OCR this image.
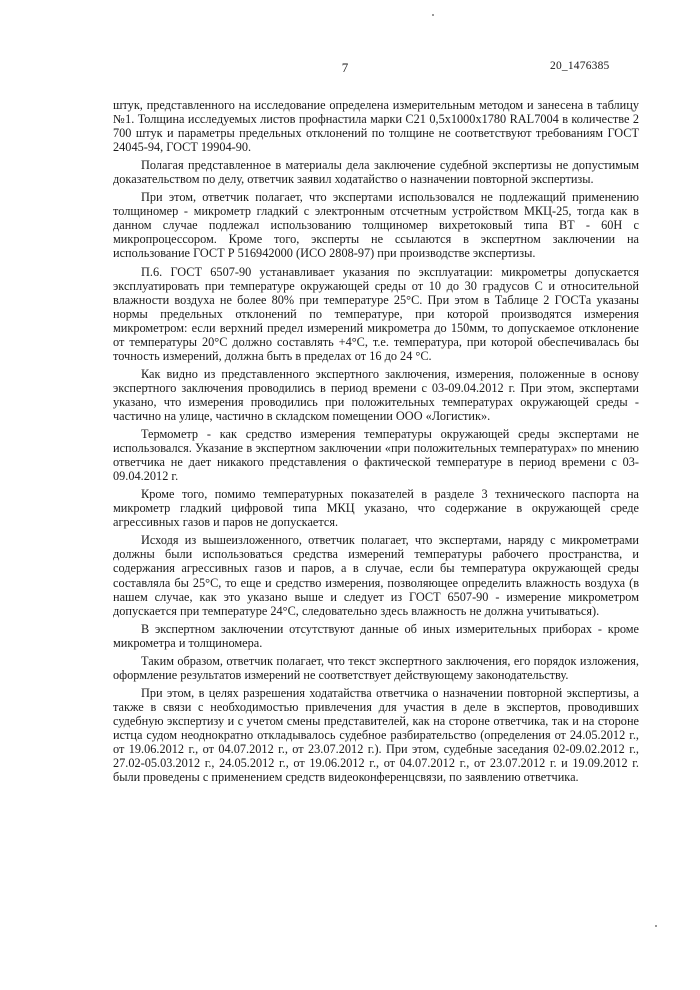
7	20_1476385

штук, представленного на исследование определена измерительным методом и занесена в таблицу №1. Толщина исследуемых листов профнастила марки С21 0,5х1000х1780 RAL7004 в количестве 2 700 штук и параметры предельных отклонений по толщине не соответствуют требованиям ГОСТ 24045-94, ГОСТ 19904-90.

Полагая представленное в материалы дела заключение судебной экспертизы не допустимым доказательством по делу, ответчик заявил ходатайство о назначении повторной экспертизы.

При этом, ответчик полагает, что экспертами использовался не подлежащий применению толщиномер - микрометр гладкий с электронным отсчетным устройством МКЦ-25, тогда как в данном случае подлежал использованию толщиномер вихретоковый типа ВТ - 60Н с микропроцессором. Кроме того, эксперты не ссылаются в экспертном заключении на использование ГОСТ Р 516942000 (ИСО 2808-97) при производстве экспертизы.

П.6. ГОСТ 6507-90 устанавливает указания по эксплуатации: микрометры допускается эксплуатировать при температуре окружающей среды от 10 до 30 градусов С и относительной влажности воздуха не более 80% при температуре 25°С. При этом в Таблице 2 ГОСТа указаны нормы предельных отклонений по температуре, при которой производятся измерения микрометром: если верхний предел измерений микрометра до 150мм, то допускаемое отклонение от температуры 20°С должно составлять +4°С, т.е. температура, при которой обеспечивалась бы точность измерений, должна быть в пределах от 16 до 24 °С.

Как видно из представленного экспертного заключения, измерения, положенные в основу экспертного заключения проводились в период времени с 03-09.04.2012 г. При этом, экспертами указано, что измерения проводились при положительных температурах окружающей среды - частично на улице, частично в складском помещении ООО «Логистик».

Термометр - как средство измерения температуры окружающей среды экспертами не использовался. Указание в экспертном заключении «при положительных температурах» по мнению ответчика не дает никакого представления о фактической температуре в период времени с 03-09.04.2012 г.

Кроме того, помимо температурных показателей в разделе 3 технического паспорта на микрометр гладкий цифровой типа МКЦ указано, что содержание в окружающей среде агрессивных газов и паров не допускается.

Исходя из вышеизложенного, ответчик полагает, что экспертами, наряду с микрометрами должны были использоваться средства измерений температуры рабочего пространства, и содержания агрессивных газов и паров, а в случае, если бы температура окружающей среды составляла бы 25°С, то еще и средство измерения, позволяющее определить влажность воздуха (в нашем случае, как это указано выше и следует из ГОСТ 6507-90 - измерение микрометром допускается при температуре 24°С, следовательно здесь влажность не должна учитываться).

В экспертном заключении отсутствуют данные об иных измерительных приборах - кроме микрометра и толщиномера.

Таким образом, ответчик полагает, что текст экспертного заключения, его порядок изложения, оформление результатов измерений не соответствует действующему законодательству.

При этом, в целях разрешения ходатайства ответчика о назначении повторной экспертизы, а также в связи с необходимостью привлечения для участия в деле в экспертов, проводивших судебную экспертизу и с учетом смены представителей, как на стороне ответчика, так и на стороне истца судом неоднократно откладывалось судебное разбирательство (определения от 24.05.2012 г., от 19.06.2012 г., от 04.07.2012 г., от 23.07.2012 г.). При этом, судебные заседания 02-09.02.2012 г., 27.02-05.03.2012 г., 24.05.2012 г., от 19.06.2012 г., от 04.07.2012 г., от 23.07.2012 г. и 19.09.2012 г. были проведены с применением средств видеоконференцсвязи, по заявлению ответчика.
